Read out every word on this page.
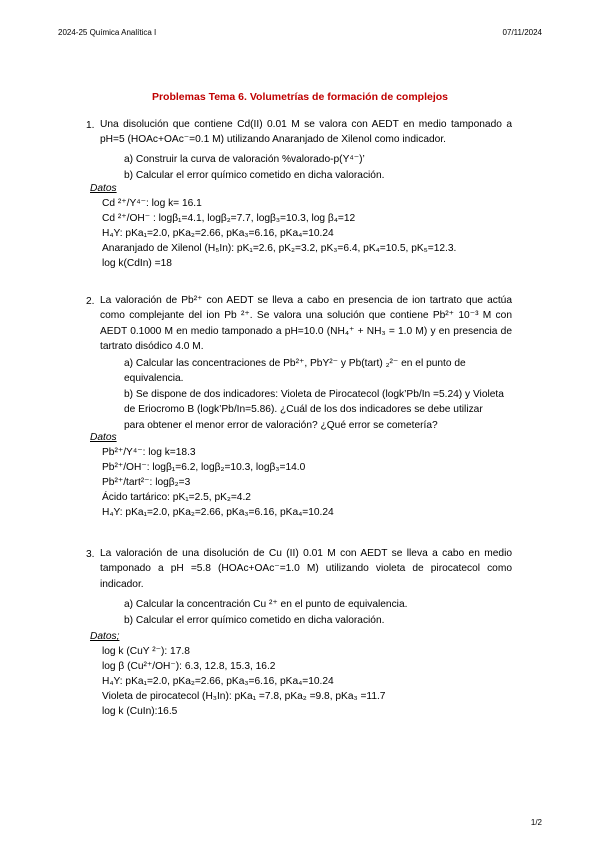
2024-25 Química Analítica I	07/11/2024
Problemas Tema 6. Volumetrías de formación de complejos
1. Una disolución que contiene Cd(II) 0.01 M se valora con AEDT en medio tamponado a pH=5 (HOAc+OAc⁻=0.1 M) utilizando Anaranjado de Xilenol como indicador.
a) Construir la curva de valoración %valorado-p(Y⁴⁻)’
b) Calcular el error químico cometido en dicha valoración.
Datos
Cd ²⁺/Y⁴⁻: log k= 16.1
Cd ²⁺/OH⁻ : logβ₁=4.1, logβ₂=7.7, logβ₃=10.3, log β₄=12
H₄Y: pKa₁=2.0, pKa₂=2.66, pKa₃=6.16, pKa₄=10.24
Anaranjado de Xilenol (H₅In): pK₁=2.6, pK₂=3.2, pK₃=6.4, pK₄=10.5, pK₅=12.3.
log k(CdIn) =18
2. La valoración de Pb²⁺ con AEDT se lleva a cabo en presencia de ion tartrato que actúa como complejante del ion Pb ²⁺. Se valora una solución que contiene Pb²⁺ 10⁻³ M con AEDT 0.1000 M en medio tamponado a pH=10.0 (NH₄⁺ + NH₃ = 1.0 M) y en presencia de tartrato disódico 4.0 M.
a) Calcular las concentraciones de Pb²⁺, PbY²⁻ y Pb(tart) ₂²⁻ en el punto de equivalencia.
b) Se dispone de dos indicadores: Violeta de Pirocatecol (logk’Pb/In =5.24) y Violeta de Eriocromo B (logk’Pb/In=5.86). ¿Cuál de los dos indicadores se debe utilizar para obtener el menor error de valoración? ¿Qué error se cometería?
Datos
Pb²⁺/Y⁴⁻: log k=18.3
Pb²⁺/OH⁻: logβ₁=6.2, logβ₂=10.3, logβ₃=14.0
Pb²⁺/tart²⁻: logβ₂=3
Ácido tartárico: pK₁=2.5, pK₂=4.2
H₄Y: pKa₁=2.0, pKa₂=2.66, pKa₃=6.16, pKa₄=10.24
3. La valoración de una disolución de Cu (II) 0.01 M con AEDT se lleva a cabo en medio tamponado a pH =5.8 (HOAc+OAc⁻=1.0 M) utilizando violeta de pirocatecol como indicador.
a) Calcular la concentración Cu ²⁺ en el punto de equivalencia.
b) Calcular el error químico cometido en dicha valoración.
Datos;
log k (CuY ²⁻): 17.8
log β (Cu²⁺/OH⁻): 6.3, 12.8, 15.3, 16.2
H₄Y: pKa₁=2.0, pKa₂=2.66, pKa₃=6.16, pKa₄=10.24
Violeta de pirocatecol (H₃In): pKa₁ =7.8, pKa₂ =9.8, pKa₃ =11.7
log k (CuIn):16.5
1/2
